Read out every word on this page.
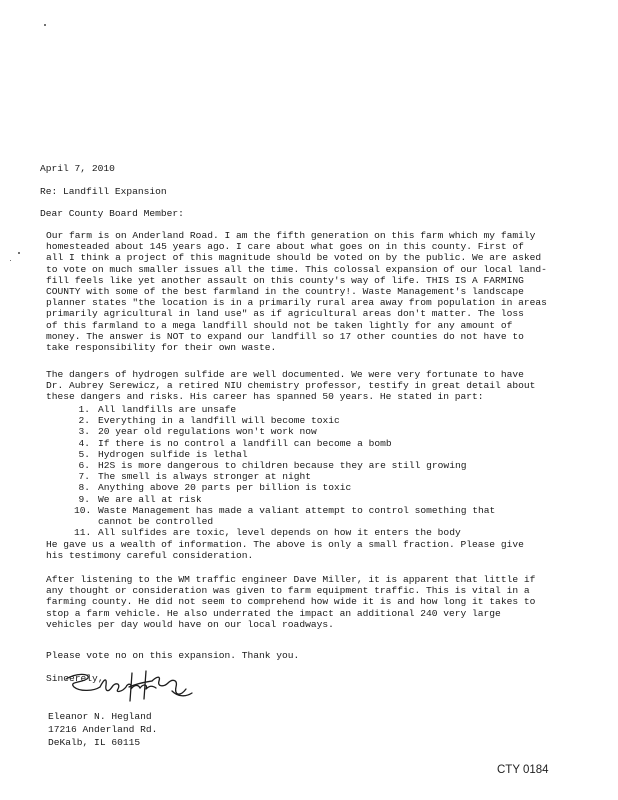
April 7, 2010
Re: Landfill Expansion
Dear County Board Member:
Our farm is on Anderland Road. I am the fifth generation on this farm which my family
homesteaded about 145 years ago. I care about what goes on in this county. First of
all I think a project of this magnitude should be voted on by the public. We are asked
to vote on much smaller issues all the time. This colossal expansion of our local land-
fill feels like yet another assault on this county's way of life. THIS IS A FARMING
COUNTY with some of the best farmland in the country!. Waste Management's landscape
planner states "the location is in a primarily rural area away from population in areas
primarily agricultural in land use" as if agricultural areas don't matter. The loss
of this farmland to a mega landfill should not be taken lightly for any amount of
money. The answer is NOT to expand our landfill so 17 other counties do not have to
take responsibility for their own waste.
The dangers of hydrogen sulfide are well documented. We were very fortunate to have
Dr. Aubrey Serewicz, a retired NIU chemistry professor, testify in great detail about
these dangers and risks. His career has spanned 50 years. He stated in part:
1. All landfills are unsafe
2. Everything in a landfill will become toxic
3. 20 year old regulations won't work now
4. If there is no control a landfill can become a bomb
5. Hydrogen sulfide is lethal
6. H2S is more dangerous to children because they are still growing
7. The smell is always stronger at night
8. Anything above 20 parts per billion is toxic
9. We are all at risk
10. Waste Management has made a valiant attempt to control something that
cannot be controlled
11. All sulfides are toxic, level depends on how it enters the body
He gave us a wealth of information. The above is only a small fraction. Please give
his testimony careful consideration.
After listening to the WM traffic engineer Dave Miller, it is apparent that little if
any thought or consideration was given to farm equipment traffic. This is vital in a
farming county. He did not seem to comprehend how wide it is and how long it takes to
stop a farm vehicle. He also underrated the impact an additional 240 very large
vehicles per day would have on our local roadways.
Please vote no on this expansion. Thank you.
Sincerely,
Eleanor N. Hegland
17216 Anderland Rd.
DeKalb, IL 60115
CTY 0184
